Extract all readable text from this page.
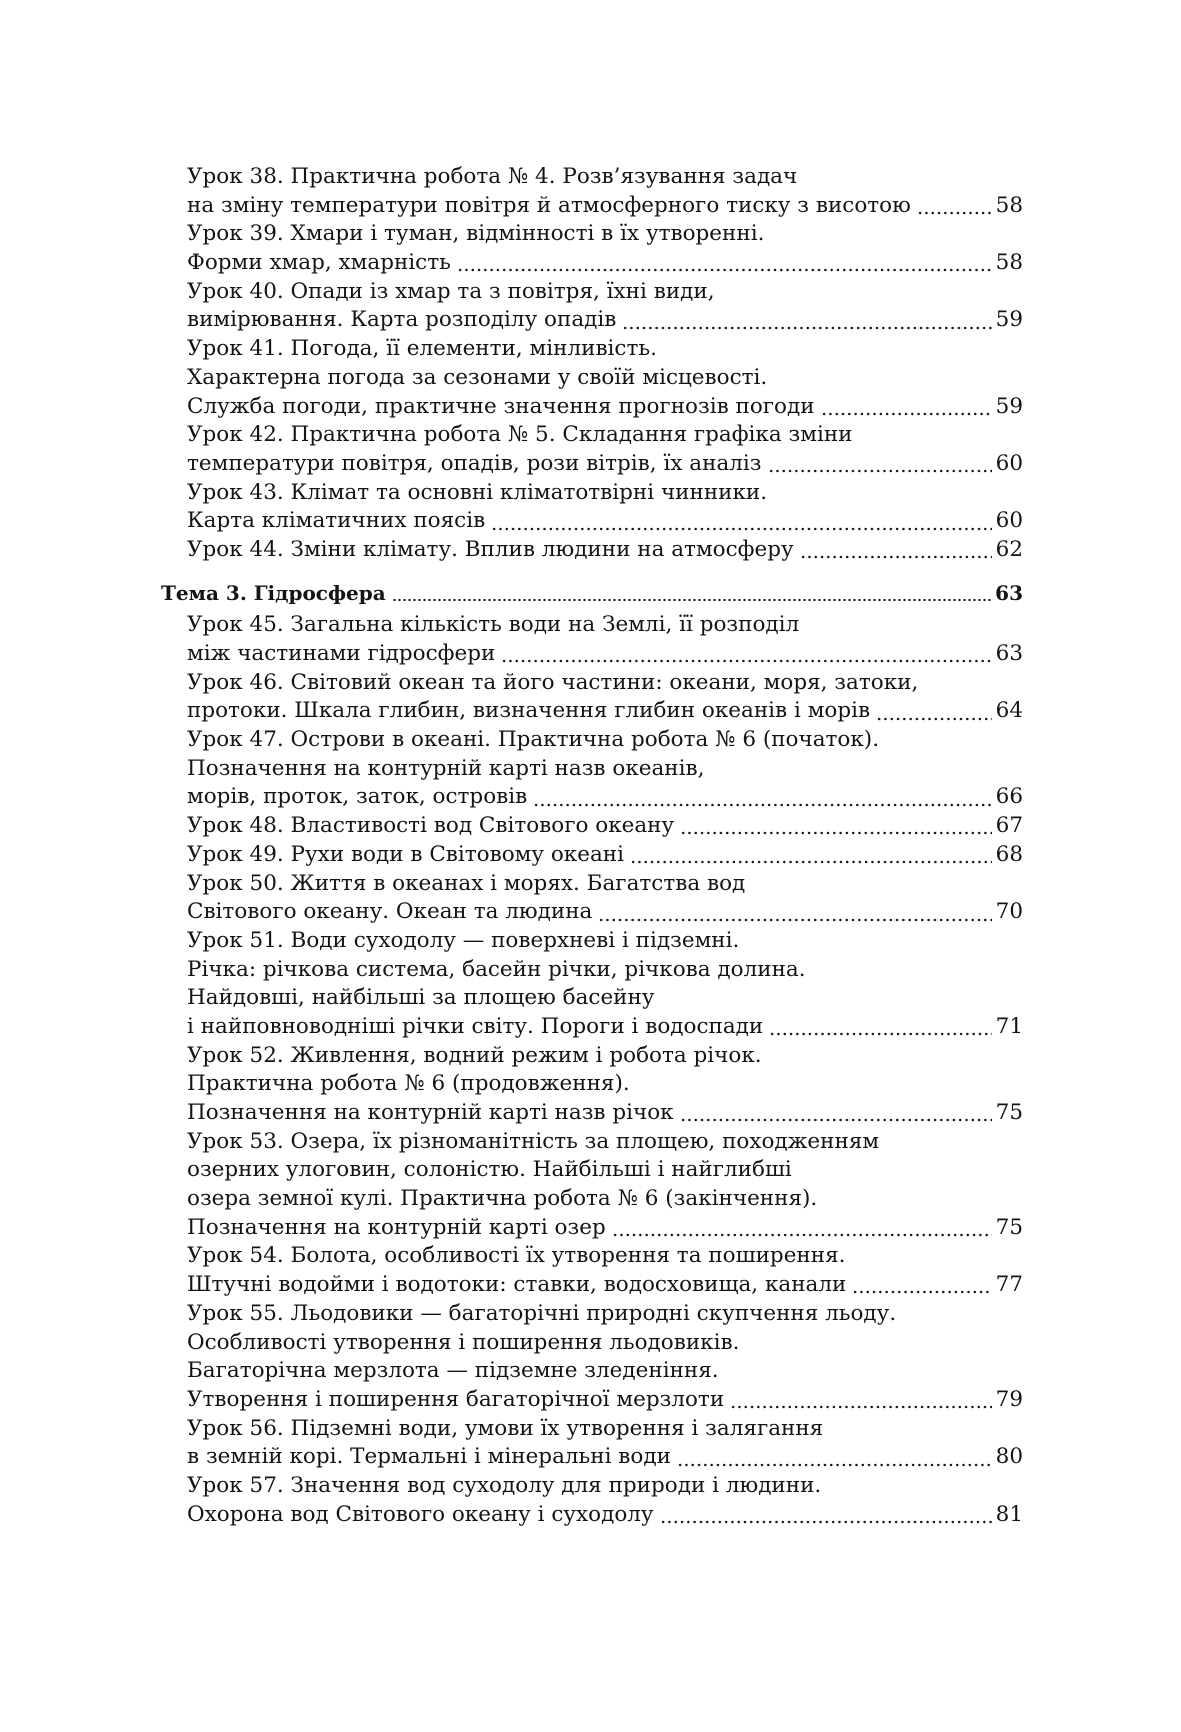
Урок 38. Практична робота № 4. Розв’язування задач
на зміну температури повітря й атмосферного тиску з висотою	58
Урок 39. Хмари і туман, відмінності в їх утворенні.
Форми хмар, хмарність	58
Урок 40. Опади із хмар та з повітря, їхні види,
вимірювання. Карта розподілу опадів	59
Урок 41. Погода, її елементи, мінливість.
Характерна погода за сезонами у своїй місцевості.
Служба погоди, практичне значення прогнозів погоди	59
Урок 42. Практична робота № 5. Складання графіка зміни
температури повітря, опадів, рози вітрів, їх аналіз	60
Урок 43. Клімат та основні кліматотвірні чинники.
Карта кліматичних поясів	60
Урок 44. Зміни клімату. Вплив людини на атмосферу	62
Тема 3. Гідросфера	63
Урок 45. Загальна кількість води на Землі, її розподіл
між частинами гідросфери	63
Урок 46. Світовий океан та його частини: океани, моря, затоки,
протоки. Шкала глибин, визначення глибин океанів і морів	64
Урок 47. Острови в океані. Практична робота № 6 (початок).
Позначення на контурній карті назв океанів,
морів, проток, заток, островів	66
Урок 48. Властивості вод Світового океану	67
Урок 49. Рухи води в Світовому океані	68
Урок 50. Життя в океанах і морях. Багатства вод
Світового океану. Океан та людина	70
Урок 51. Води суходолу — поверхневі і підземні.
Річка: річкова система, басейн річки, річкова долина.
Найдовші, найбільші за площею басейну
і найповноводніші річки світу. Пороги і водоспади	71
Урок 52. Живлення, водний режим і робота річок.
Практична робота № 6 (продовження).
Позначення на контурній карті назв річок	75
Урок 53. Озера, їх різноманітність за площею, походженням
озерних улоговин, солоністю. Найбільші і найглибші
озера земної кулі. Практична робота № 6 (закінчення).
Позначення на контурній карті озер	75
Урок 54. Болота, особливості їх утворення та поширення.
Штучні водойми і водотоки: ставки, водосховища, канали	77
Урок 55. Льодовики — багаторічні природні скупчення льоду.
Особливості утворення і поширення льодовиків.
Багаторічна мерзлота — підземне зледеніння.
Утворення і поширення багаторічної мерзлоти	79
Урок 56. Підземні води, умови їх утворення і залягання
в земній корі. Термальні і мінеральні води	80
Урок 57. Значення вод суходолу для природи і людини.
Охорона вод Світового океану і суходолу	81
